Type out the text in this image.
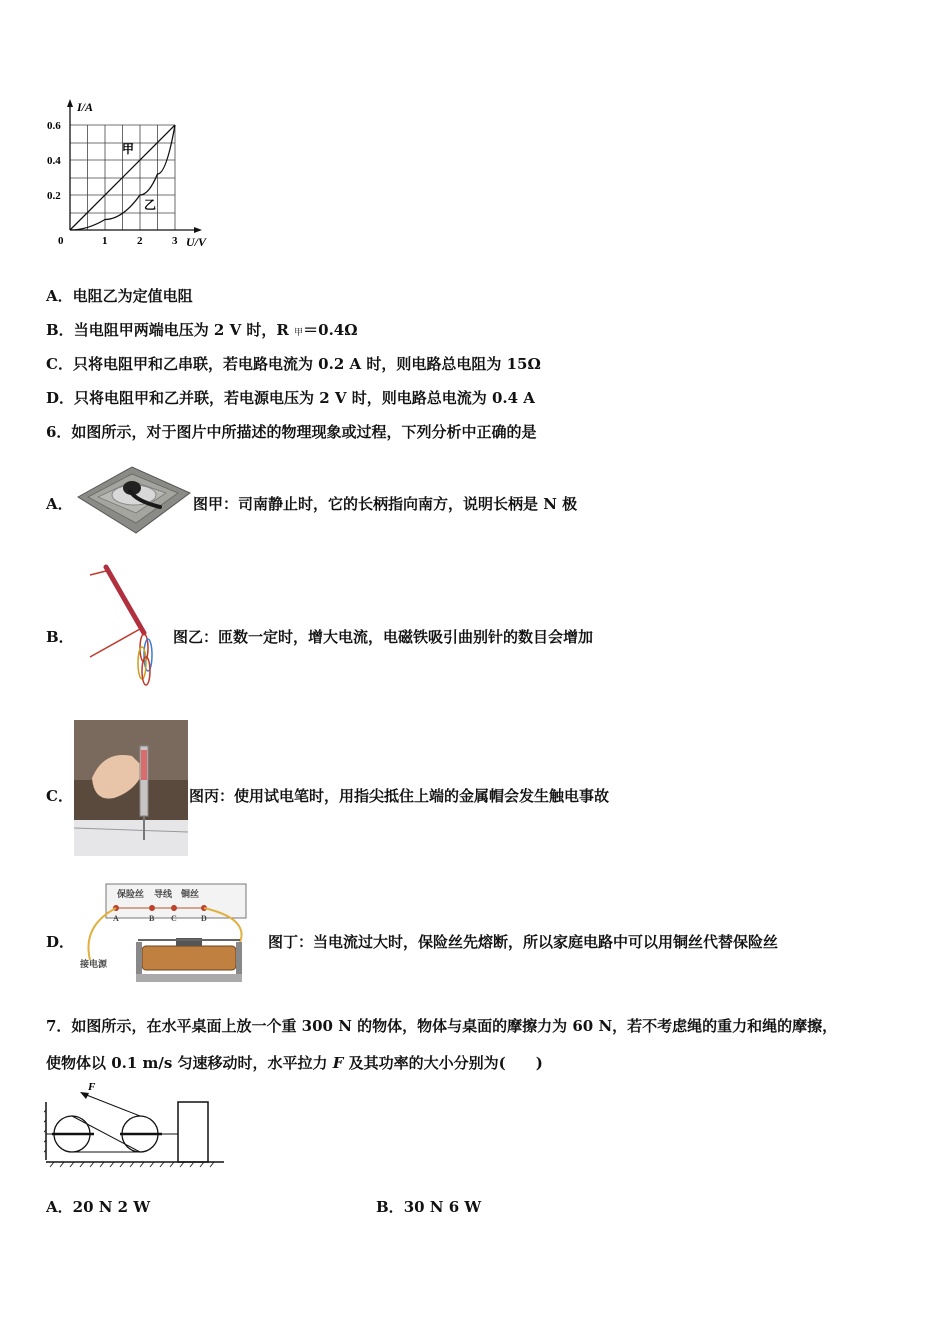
I/A
U/V
0.6
0.4
0.2
0	1	2	3
甲
乙
A．电阻乙为定值电阻
B．当电阻甲两端电压为 2 V 时，R 甲＝0.4Ω
C．只将电阻甲和乙串联，若电路电流为 0.2 A 时，则电路总电阻为 15Ω
D．只将电阻甲和乙并联，若电源电压为 2 V 时，则电路总电流为 0.4 A
6．如图所示，对于图片中所描述的物理现象或过程，下列分析中正确的是
A．	图甲：司南静止时，它的长柄指向南方，说明长柄是 N 极
B．	图乙：匝数一定时，增大电流，电磁铁吸引曲别针的数目会增加
C．	图丙：使用试电笔时，用指尖抵住上端的金属帽会发生触电事故
D．
保险丝 导线 铜丝
A	B C	D
接电源
图丁：当电流过大时，保险丝先熔断，所以家庭电路中可以用铜丝代替保险丝
7．如图所示，在水平桌面上放一个重 300 N 的物体，物体与桌面的摩擦力为 60 N，若不考虑绳的重力和绳的摩擦，
使物体以 0.1 m/s 匀速移动时，水平拉力 F 及其功率的大小分别为(　　)
F
A．20 N 2 W	B．30 N 6 W
